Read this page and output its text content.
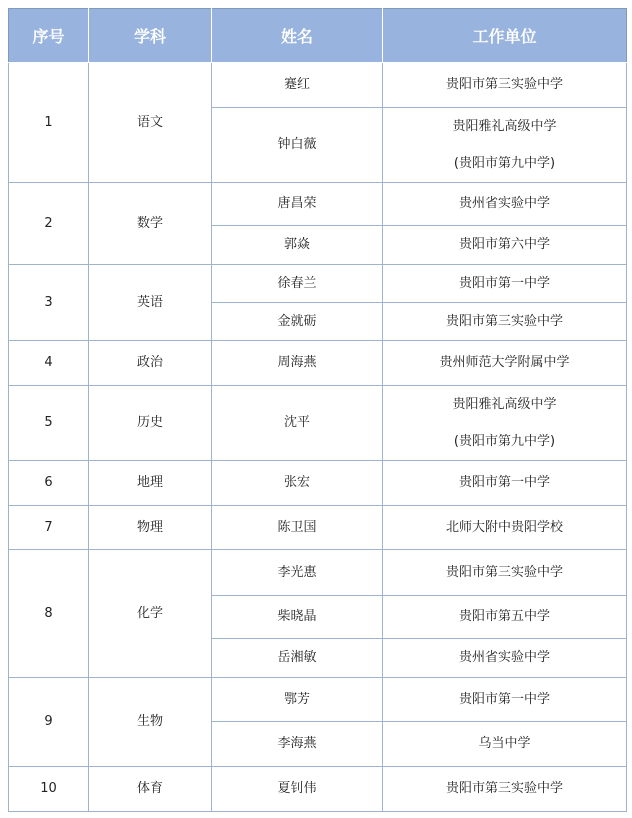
序号	学科	姓名	工作单位
1	语文	蹇红	贵阳市第三实验中学

		钟白薇	贵阳雅礼高级中学
(贵阳市第九中学)

2	数学	唐昌荣	贵州省实验中学

		郭焱	贵阳市第六中学

3	英语	徐春兰	贵阳市第一中学

		金就砺	贵阳市第三实验中学

4	政治	周海燕	贵州师范大学附属中学

5	历史	沈平	贵阳雅礼高级中学
(贵阳市第九中学)

6	地理	张宏	贵阳市第一中学

7	物理	陈卫国	北师大附中贵阳学校

8	化学	李光惠	贵阳市第三实验中学

		柴晓晶	贵阳市第五中学

		岳湘敏	贵州省实验中学

9	生物	鄂芳	贵阳市第一中学

		李海燕	乌当中学

10	体育	夏钊伟	贵阳市第三实验中学
